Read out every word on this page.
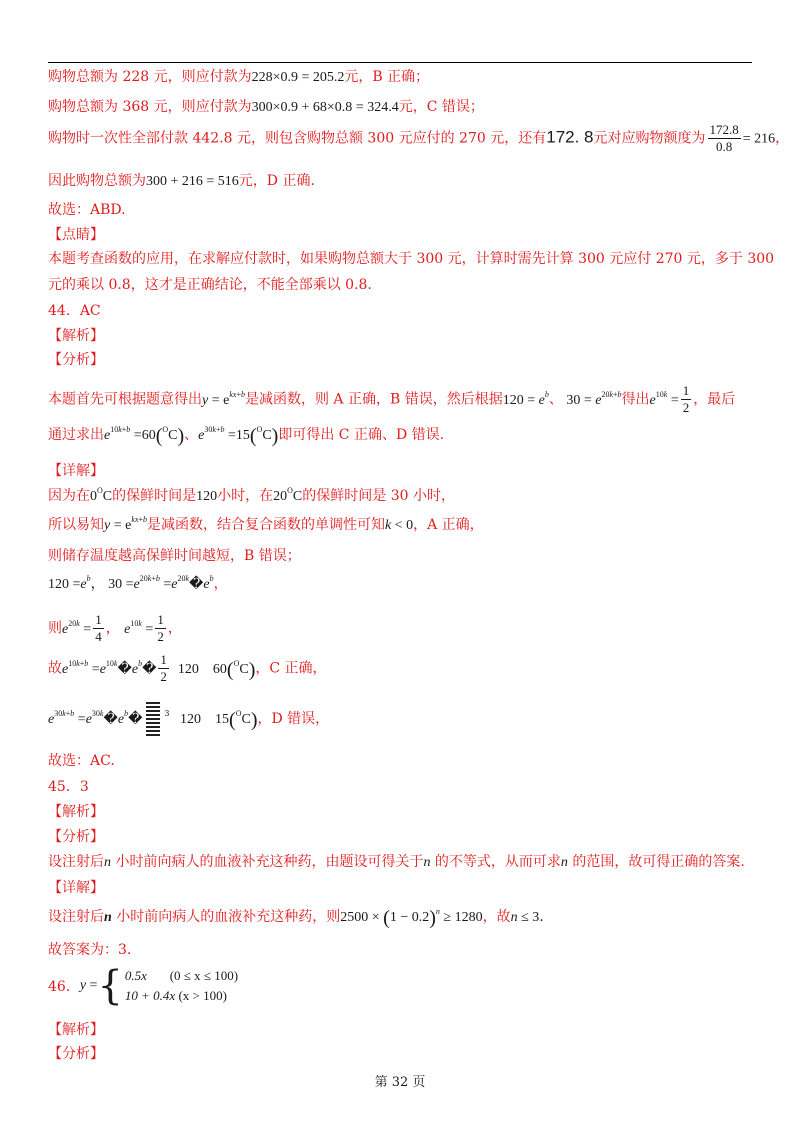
购物总额为 228 元，则应付款为228×0.9 = 205.2元，B 正确；
购物总额为 368 元，则应付款为300×0.9 + 68×0.8 = 324.4元，C 错误；
购物时一次性全部付款 442.8 元，则包含购物总额 300 元应付的 270 元，还有172. 8元对应购物额度为 $\frac{172.8}{0.8} = 216$，
因此购物总额为300 + 216 = 516元，D 正确.
故选：ABD.
【点睛】
本题考查函数的应用，在求解应付款时，如果购物总额大于 300 元，计算时需先计算 300 元应付 270 元，多于 300
元的乘以 0.8，这才是正确结论，不能全部乘以 0.8.
44．AC
【解析】
【分析】
本题首先可根据题意得出$y = e^{kx+b}$是减函数，则 A 正确，B 错误，然后根据$120 = e^b$、 $30 = e^{20k+b}$得出$e^{10k} = \frac{1}{2}$ ，最后
通过求出$e^{10k+b} =60(^OC)$、$e^{30k+b} =15(^OC)$即可得出 C 正确、D 错误.
【详解】
因为在$0^OC$的保鲜时间是120小时，在$20^OC$的保鲜时间是 30 小时，
所以易知$y = e^{kx+b}$是减函数，结合复合函数的单调性可知k < 0，A 正确，
则储存温度越高保鲜时间越短，B 错误；
$120 =e^b$， $30 =e^{20k+b}$ $=e^{20k}�e^b$，
则$e^{20k} = \frac{1}{4}$ ， $e^{10k} = \frac{1}{2}$ ，
故$e^{10k+b}$ $=e^{10k}�e^b� \frac{1}{2} 120$ 60($^O$C)，C 正确，
$e^{30k+b}$ $=e^{30k}�e^b�$	$^3$ 120 15($^O$C)，D 错误，
故选：AC.
45．3
【解析】
【分析】
设注射后n 小时前向病人的血液补充这种药，由题设可得关于n 的不等式，从而可求n 的范围，故可得正确的答案.
【详解】
设注射后n 小时前向病人的血液补充这种药，则$2500 \times (1 - 0.2)^n \ge 1280$，故n ≤ 3.
故答案为：3.
46．y ={ 0.5x (0 ≤ x ≤ 100)
10 + 0.4x (x > 100)
【解析】
【分析】
第 32 页
